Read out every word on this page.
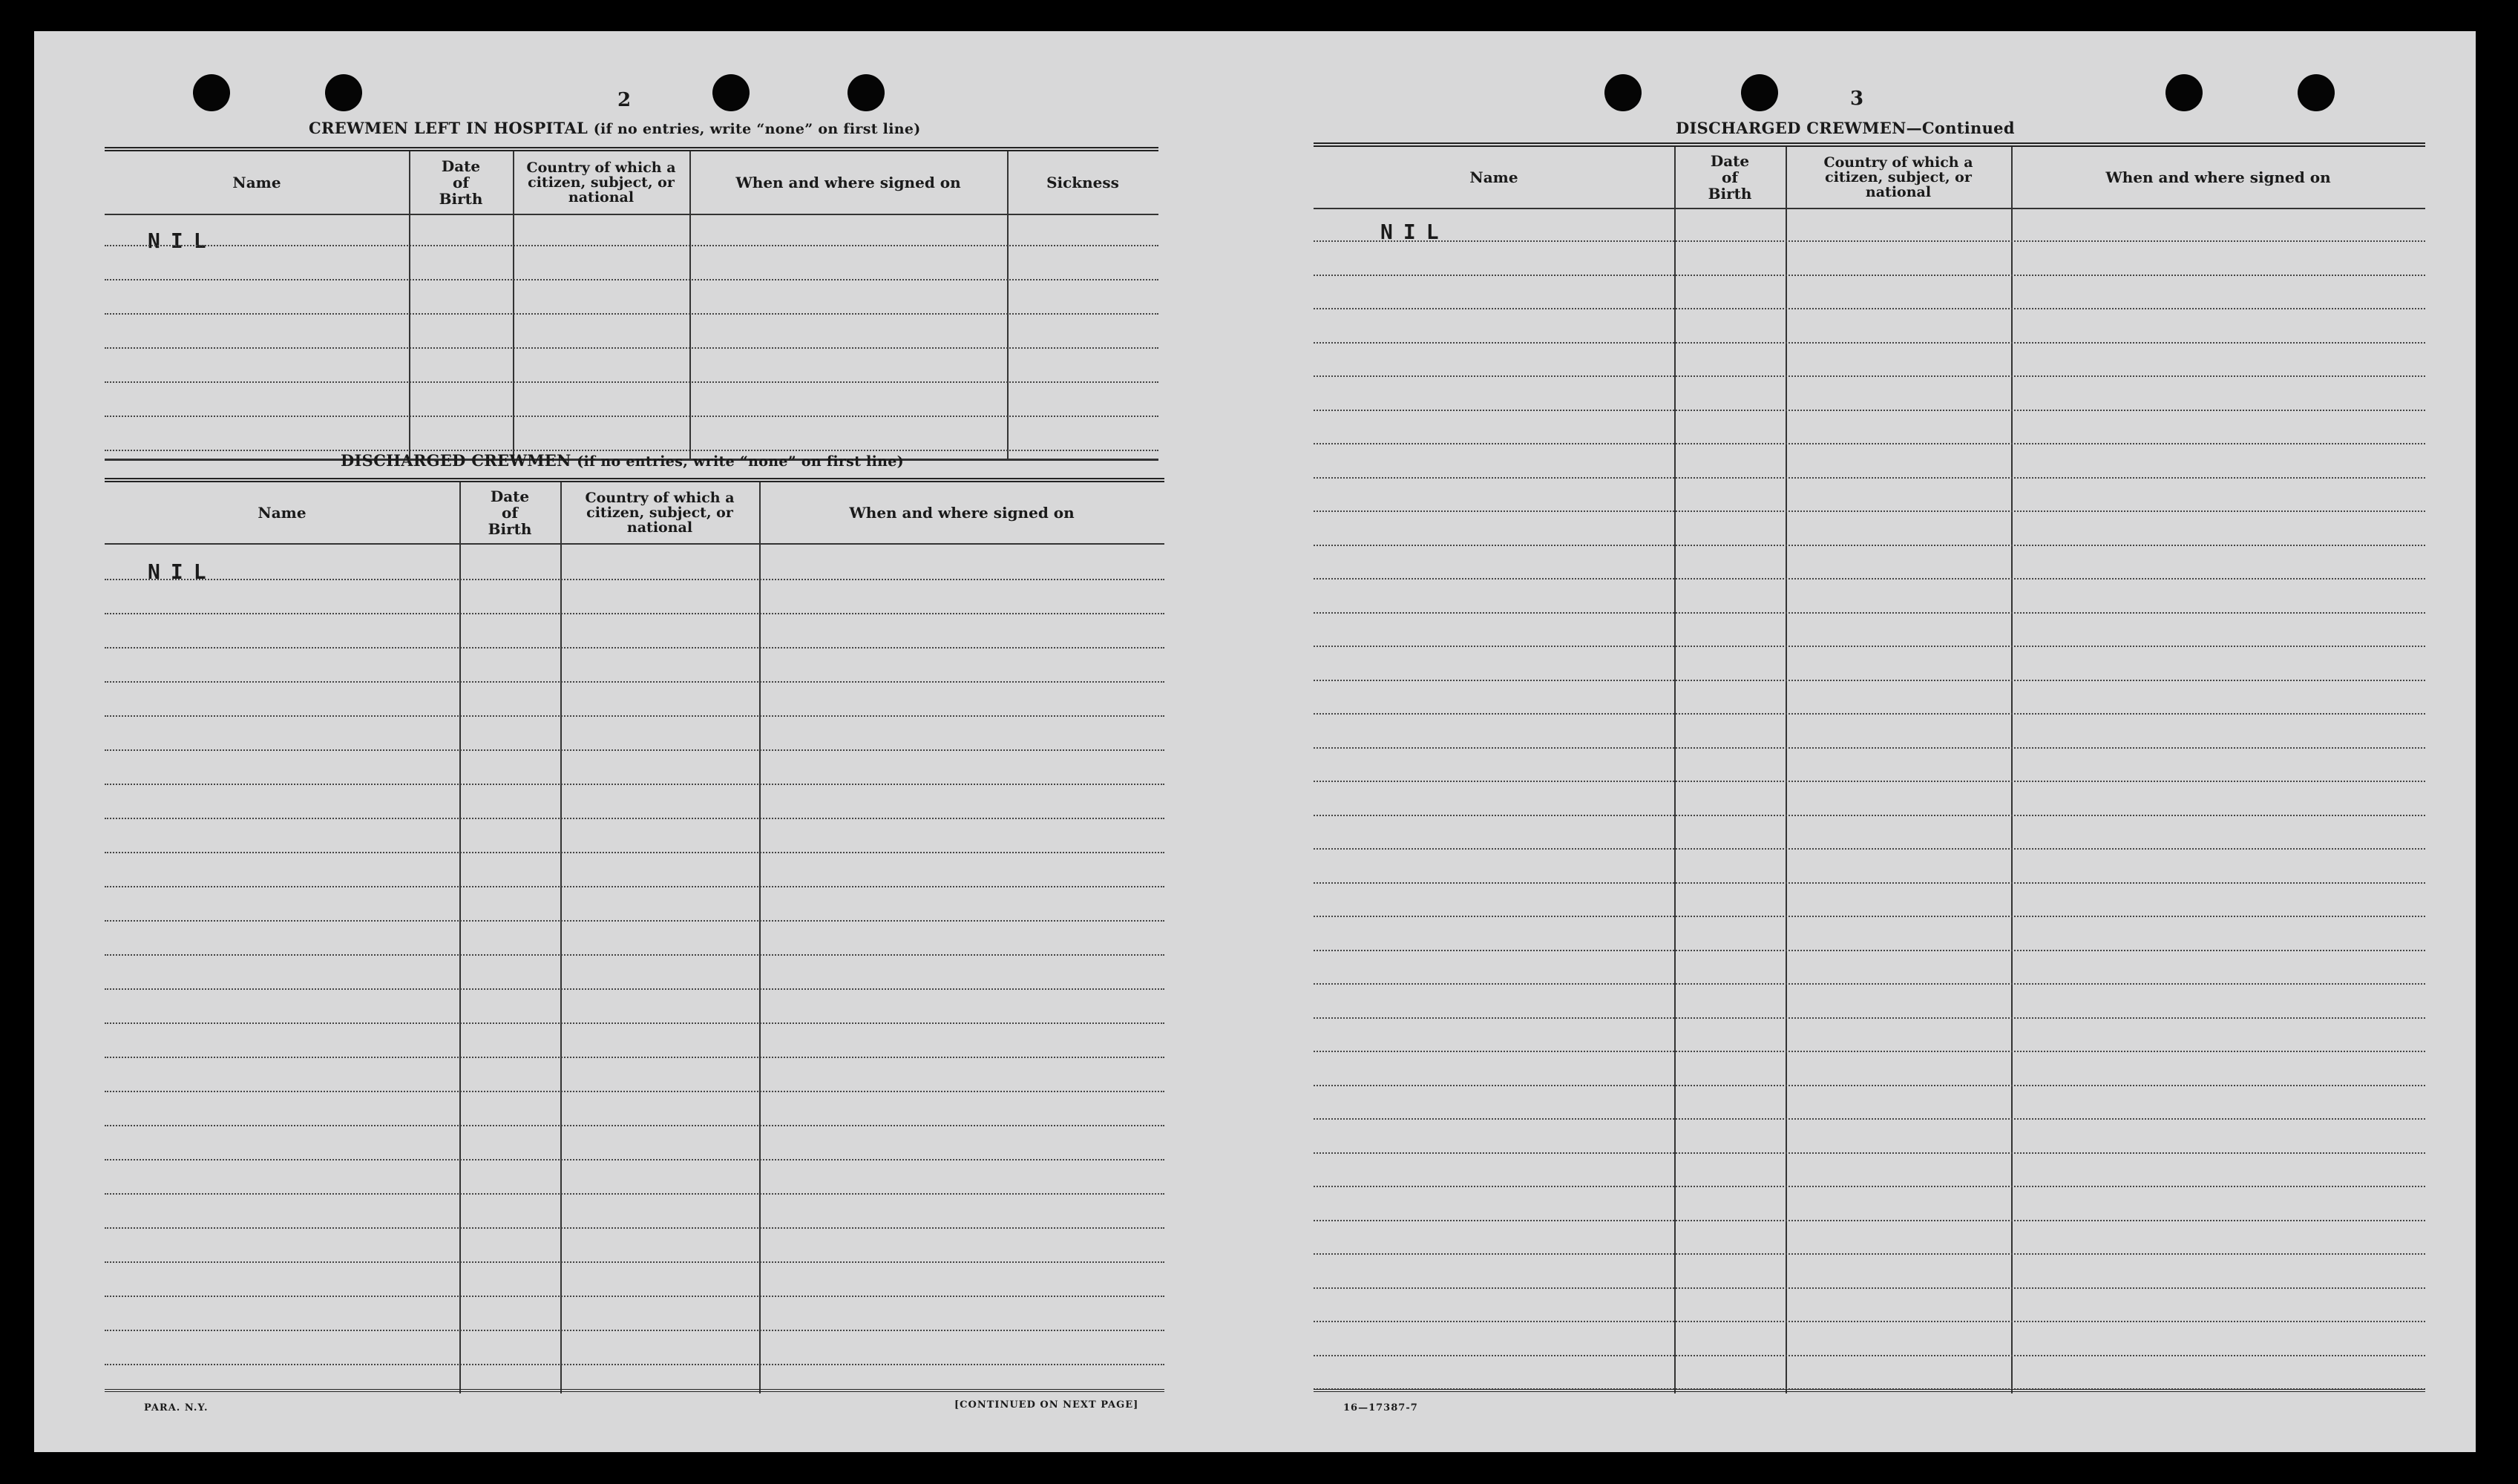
2
CREWMEN LEFT IN HOSPITAL (if no entries, write “none” on first line)
Name
Date
of
Birth
Country of which a citizen, subject, or national
When and where signed on	Sickness
NIL
DISCHARGED CREWMEN (if no entries, write “none” on first line)
Name
Date
of
Birth
Country of which a citizen, subject, or national
When and where signed on
NIL
PARA. N.Y.	[CONTINUED ON NEXT PAGE]
3
DISCHARGED CREWMEN—Continued
Name
Date
of
Birth
Country of which a citizen, subject, or national
When and where signed on
NIL
16—17387-7
